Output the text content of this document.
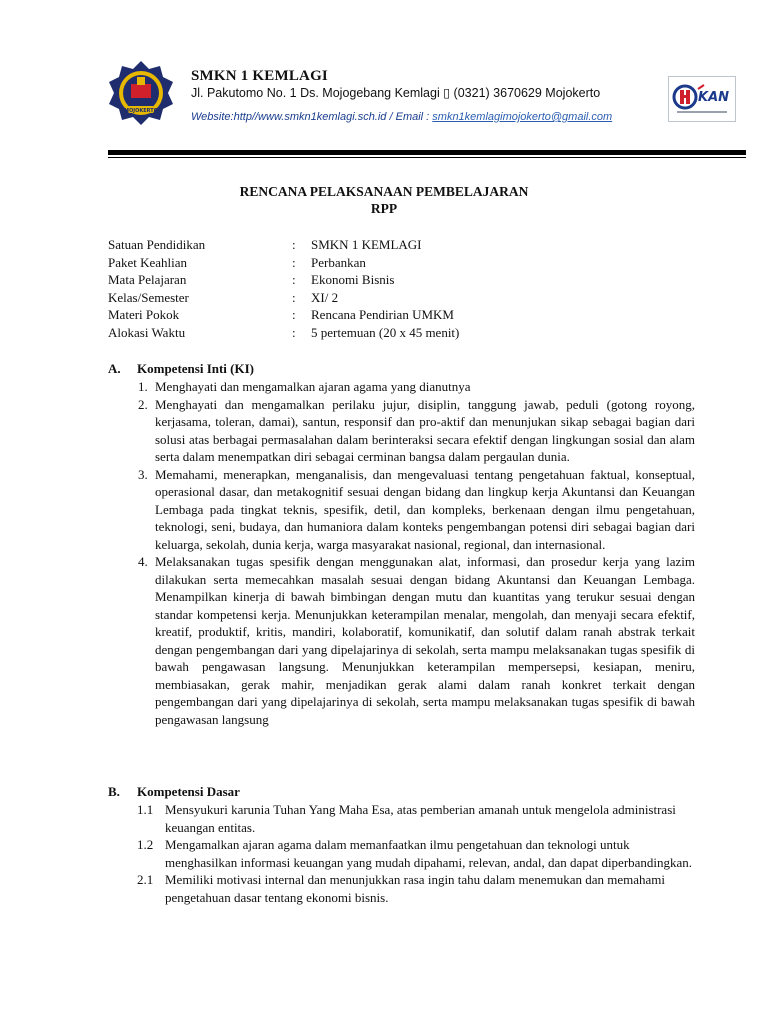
MOJOKERTO
SMKN 1 KEMLAGI
Jl. Pakutomo No. 1 Ds. Mojogebang Kemlagi ▯ (0321) 3670629 Mojokerto
Website:http//www.smkn1kemlagi.sch.id / Email : smkn1kemlagimojokerto@gmail.com
KAN
RENCANA PELAKSANAAN PEMBELAJARAN
RPP
Satuan Pendidikan	: SMKN 1 KEMLAGI
Paket Keahlian	: Perbankan
Mata Pelajaran	: Ekonomi Bisnis
Kelas/Semester	: XI/ 2
Materi Pokok	: Rencana Pendirian UMKM
Alokasi Waktu	: 5 pertemuan (20 x 45 menit)
A. Kompetensi Inti (KI)
1. Menghayati dan mengamalkan ajaran agama yang dianutnya
2. Menghayati dan mengamalkan perilaku jujur, disiplin, tanggung jawab, peduli (gotong royong, kerjasama, toleran, damai), santun, responsif dan pro-aktif dan menunjukan sikap sebagai bagian dari solusi atas berbagai permasalahan dalam berinteraksi secara efektif dengan lingkungan sosial dan alam serta dalam menempatkan diri sebagai cerminan bangsa dalam pergaulan dunia.
3. Memahami, menerapkan, menganalisis, dan mengevaluasi tentang pengetahuan faktual, konseptual, operasional dasar, dan metakognitif sesuai dengan bidang dan lingkup kerja Akuntansi dan Keuangan Lembaga pada tingkat teknis, spesifik, detil, dan kompleks, berkenaan dengan ilmu pengetahuan, teknologi, seni, budaya, dan humaniora dalam konteks pengembangan potensi diri sebagai bagian dari keluarga, sekolah, dunia kerja, warga masyarakat nasional, regional, dan internasional.
4. Melaksanakan tugas spesifik dengan menggunakan alat, informasi, dan prosedur kerja yang lazim dilakukan serta memecahkan masalah sesuai dengan bidang Akuntansi dan Keuangan Lembaga. Menampilkan kinerja di bawah bimbingan dengan mutu dan kuantitas yang terukur sesuai dengan standar kompetensi kerja. Menunjukkan keterampilan menalar, mengolah, dan menyaji secara efektif, kreatif, produktif, kritis, mandiri, kolaboratif, komunikatif, dan solutif dalam ranah abstrak terkait dengan pengembangan dari yang dipelajarinya di sekolah, serta mampu melaksanakan tugas spesifik di bawah pengawasan langsung. Menunjukkan keterampilan mempersepsi, kesiapan, meniru, membiasakan, gerak mahir, menjadikan gerak alami dalam ranah konkret terkait dengan pengembangan dari yang dipelajarinya di sekolah, serta mampu melaksanakan tugas spesifik di bawah pengawasan langsung
B. Kompetensi Dasar
1.1 Mensyukuri karunia Tuhan Yang Maha Esa, atas pemberian amanah untuk mengelola administrasi keuangan entitas.
1.2 Mengamalkan ajaran agama dalam memanfaatkan ilmu pengetahuan dan teknologi untuk menghasilkan informasi keuangan yang mudah dipahami, relevan, andal, dan dapat diperbandingkan.
2.1 Memiliki motivasi internal dan menunjukkan rasa ingin tahu dalam menemukan dan memahami pengetahuan dasar tentang ekonomi bisnis.
